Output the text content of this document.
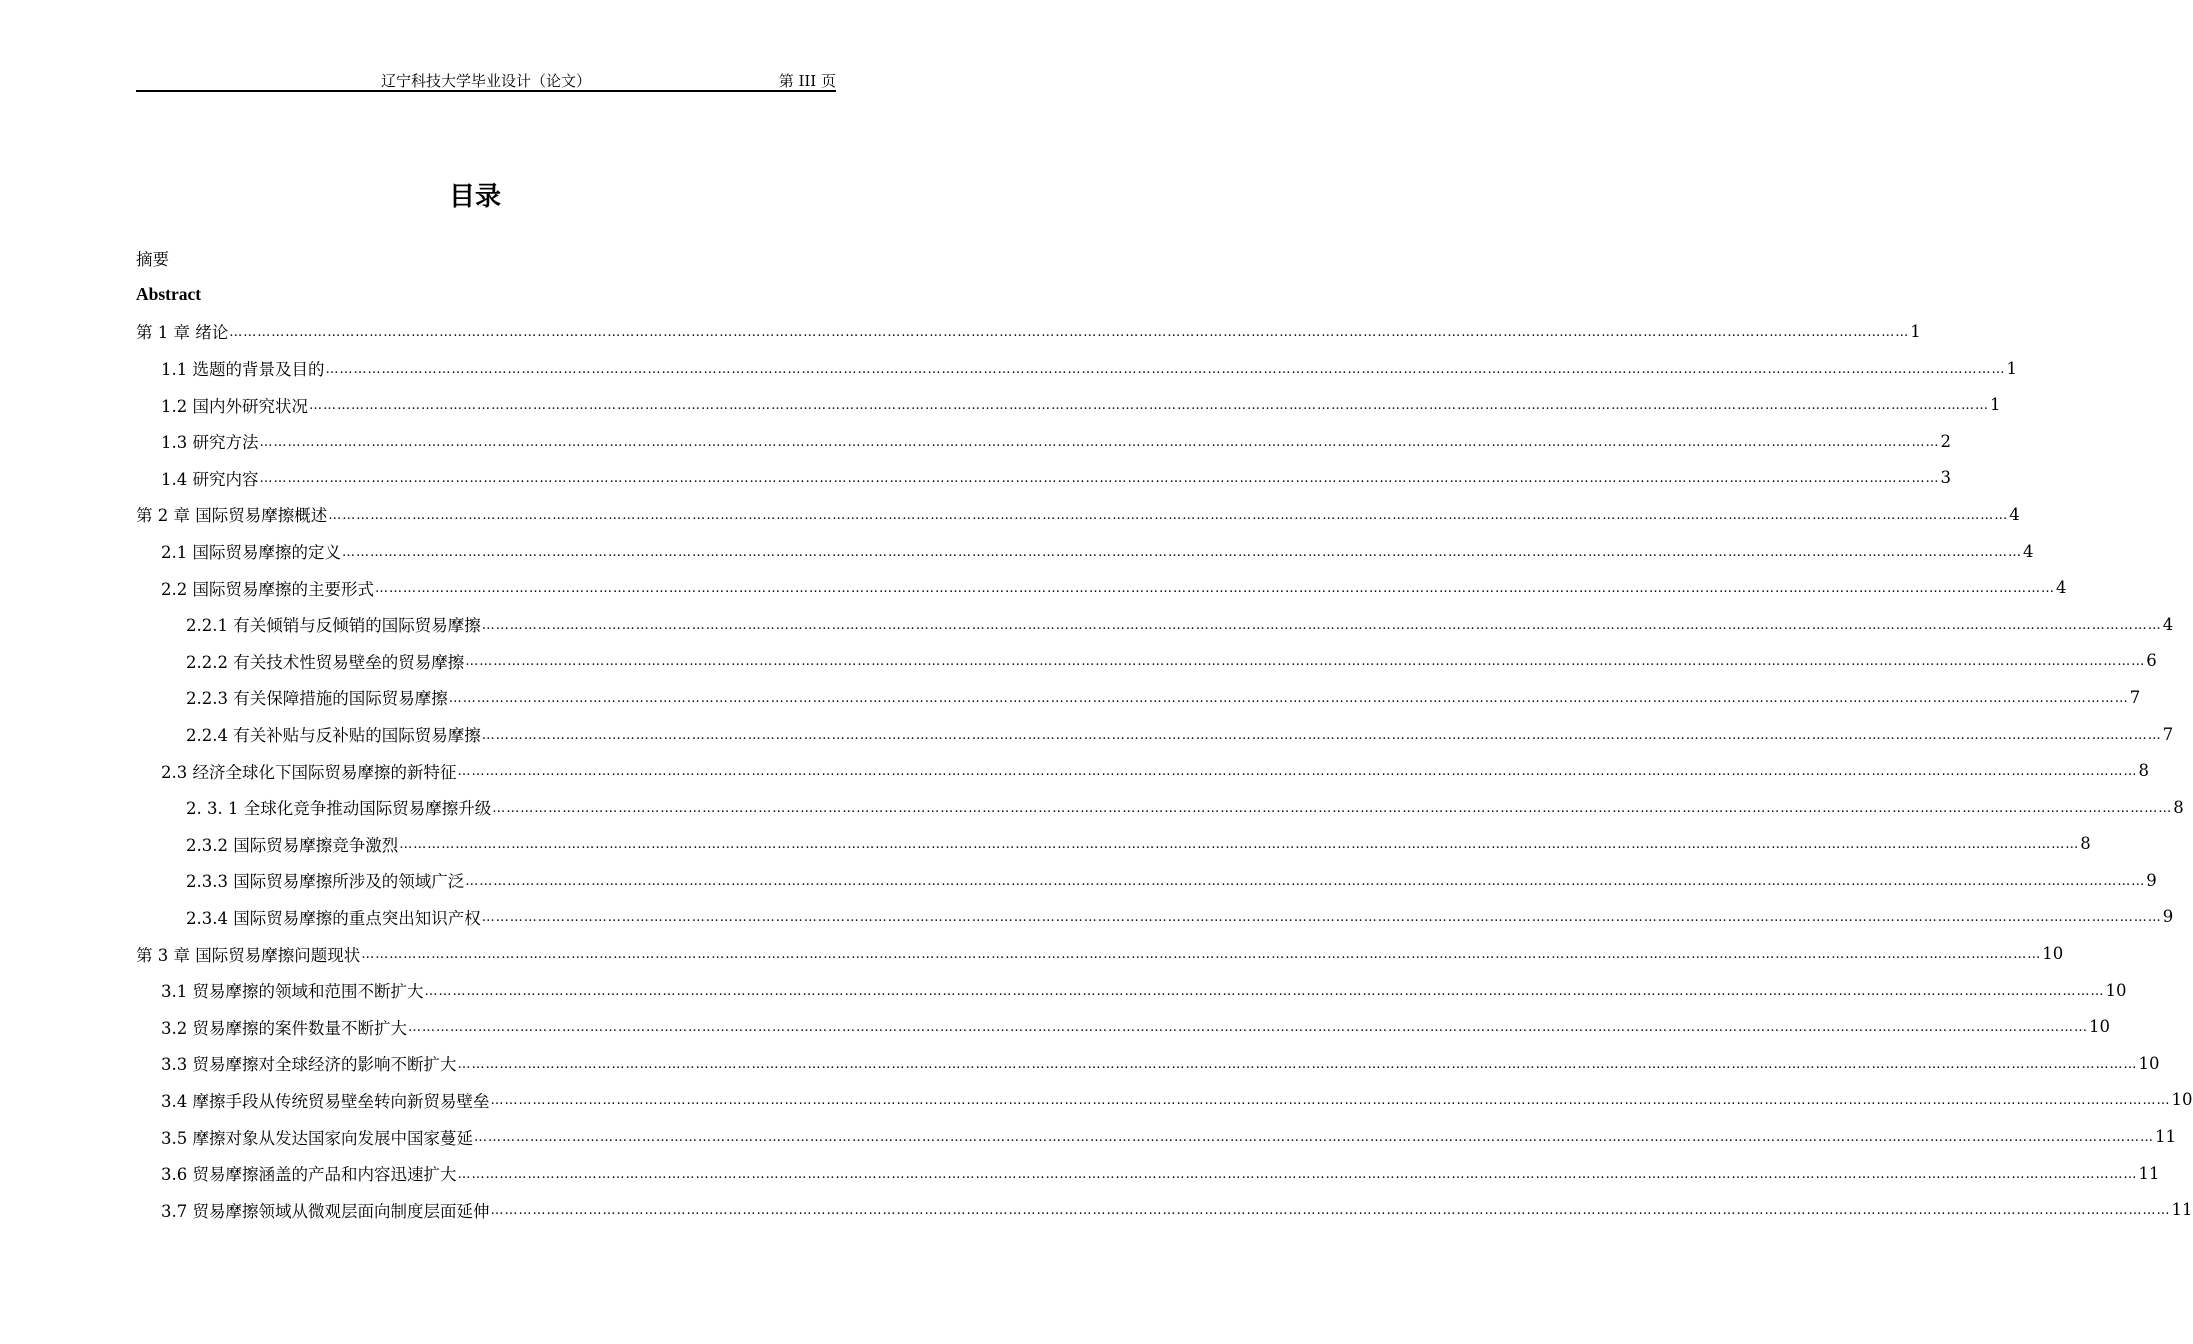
辽宁科技大学毕业设计（论文）	第 III 页
目录
摘要
Abstract
第 1 章 绪论 ……………………………………………………………………………………………………………………………………………………………………………………………………………………………………………………………………………………………………………………………… 1
1.1 选题的背景及目的 ……………………………………………………………………………………………………………………………………………………………………………………………………………………………………………………………………………………………………………………………… 1
1.2 国内外研究状况 ……………………………………………………………………………………………………………………………………………………………………………………………………………………………………………………………………………………………………………………………… 1
1.3 研究方法 ……………………………………………………………………………………………………………………………………………………………………………………………………………………………………………………………………………………………………………………………… 2
1.4 研究内容 ……………………………………………………………………………………………………………………………………………………………………………………………………………………………………………………………………………………………………………………………… 3
第 2 章 国际贸易摩擦概述 ……………………………………………………………………………………………………………………………………………………………………………………………………………………………………………………………………………………………………………………………… 4
2.1 国际贸易摩擦的定义 ……………………………………………………………………………………………………………………………………………………………………………………………………………………………………………………………………………………………………………………………… 4
2.2 国际贸易摩擦的主要形式 ……………………………………………………………………………………………………………………………………………………………………………………………………………………………………………………………………………………………………………………………… 4
2.2.1 有关倾销与反倾销的国际贸易摩擦 ……………………………………………………………………………………………………………………………………………………………………………………………………………………………………………………………………………………………………………………………… 4
2.2.2 有关技术性贸易壁垒的贸易摩擦 ……………………………………………………………………………………………………………………………………………………………………………………………………………………………………………………………………………………………………………………………… 6
2.2.3 有关保障措施的国际贸易摩擦 ……………………………………………………………………………………………………………………………………………………………………………………………………………………………………………………………………………………………………………………………… 7
2.2.4 有关补贴与反补贴的国际贸易摩擦 ……………………………………………………………………………………………………………………………………………………………………………………………………………………………………………………………………………………………………………………………… 7
2.3 经济全球化下国际贸易摩擦的新特征 ……………………………………………………………………………………………………………………………………………………………………………………………………………………………………………………………………………………………………………………………… 8
2. 3. 1 全球化竞争推动国际贸易摩擦升级 ……………………………………………………………………………………………………………………………………………………………………………………………………………………………………………………………………………………………………………………………… 8
2.3.2 国际贸易摩擦竞争激烈 ……………………………………………………………………………………………………………………………………………………………………………………………………………………………………………………………………………………………………………………………… 8
2.3.3 国际贸易摩擦所涉及的领域广泛 ……………………………………………………………………………………………………………………………………………………………………………………………………………………………………………………………………………………………………………………………… 9
2.3.4 国际贸易摩擦的重点突出知识产权 ……………………………………………………………………………………………………………………………………………………………………………………………………………………………………………………………………………………………………………………………… 9
第 3 章 国际贸易摩擦问题现状 ……………………………………………………………………………………………………………………………………………………………………………………………………………………………………………………………………………………………………………………………… 10
3.1 贸易摩擦的领域和范围不断扩大 ……………………………………………………………………………………………………………………………………………………………………………………………………………………………………………………………………………………………………………………………… 10
3.2 贸易摩擦的案件数量不断扩大 ……………………………………………………………………………………………………………………………………………………………………………………………………………………………………………………………………………………………………………………………… 10
3.3 贸易摩擦对全球经济的影响不断扩大 ……………………………………………………………………………………………………………………………………………………………………………………………………………………………………………………………………………………………………………………………… 10
3.4 摩擦手段从传统贸易壁垒转向新贸易壁垒 ……………………………………………………………………………………………………………………………………………………………………………………………………………………………………………………………………………………………………………………………… 10
3.5 摩擦对象从发达国家向发展中国家蔓延 ……………………………………………………………………………………………………………………………………………………………………………………………………………………………………………………………………………………………………………………………… 11
3.6 贸易摩擦涵盖的产品和内容迅速扩大 ……………………………………………………………………………………………………………………………………………………………………………………………………………………………………………………………………………………………………………………………… 11
3.7 贸易摩擦领域从微观层面向制度层面延伸 ……………………………………………………………………………………………………………………………………………………………………………………………………………………………………………………………………………………………………………………………… 11
